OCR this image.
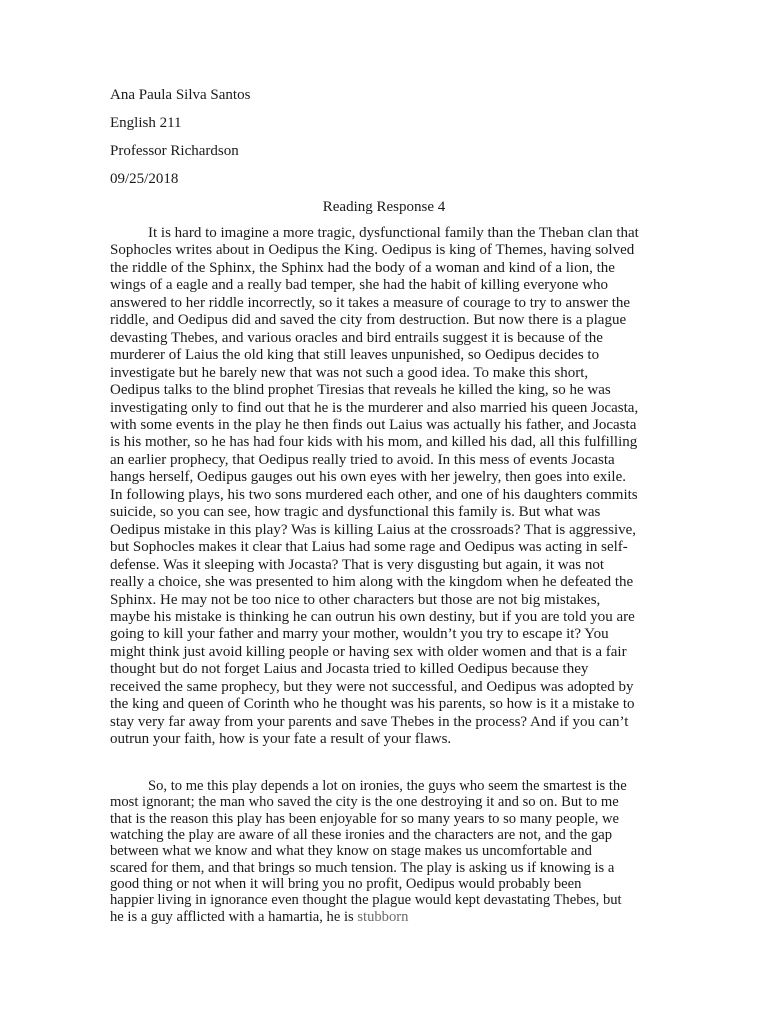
Ana Paula Silva Santos
English 211
Professor Richardson
09/25/2018
Reading Response 4
It is hard to imagine a more tragic, dysfunctional family than the Theban clan that
Sophocles writes about in Oedipus the King. Oedipus is king of Themes, having solved
the riddle of the Sphinx, the Sphinx had the body of a woman and kind of a lion, the
wings of a eagle and a really bad temper, she had the habit of killing everyone who
answered to her riddle incorrectly, so it takes a measure of courage to try to answer the
riddle, and Oedipus did and saved the city from destruction. But now there is a plague
devasting Thebes, and various oracles and bird entrails suggest it is because of the
murderer of Laius the old king that still leaves unpunished, so Oedipus decides to
investigate but he barely new that was not such a good idea. To make this short,
Oedipus talks to the blind prophet Tiresias that reveals he killed the king, so he was
investigating only to find out that he is the murderer and also married his queen Jocasta,
with some events in the play he then finds out Laius was actually his father, and Jocasta
is his mother, so he has had four kids with his mom, and killed his dad, all this fulfilling
an earlier prophecy, that Oedipus really tried to avoid. In this mess of events Jocasta
hangs herself, Oedipus gauges out his own eyes with her jewelry, then goes into exile.
In following plays, his two sons murdered each other, and one of his daughters commits
suicide, so you can see, how tragic and dysfunctional this family is. But what was
Oedipus mistake in this play? Was is killing Laius at the crossroads? That is aggressive,
but Sophocles makes it clear that Laius had some rage and Oedipus was acting in self-
defense. Was it sleeping with Jocasta? That is very disgusting but again, it was not
really a choice, she was presented to him along with the kingdom when he defeated the
Sphinx. He may not be too nice to other characters but those are not big mistakes,
maybe his mistake is thinking he can outrun his own destiny, but if you are told you are
going to kill your father and marry your mother, wouldn’t you try to escape it? You
might think just avoid killing people or having sex with older women and that is a fair
thought but do not forget Laius and Jocasta tried to killed Oedipus because they
received the same prophecy, but they were not successful, and Oedipus was adopted by
the king and queen of Corinth who he thought was his parents, so how is it a mistake to
stay very far away from your parents and save Thebes in the process? And if you can’t
outrun your faith, how is your fate a result of your flaws.
So, to me this play depends a lot on ironies, the guys who seem the smartest is the
most ignorant; the man who saved the city is the one destroying it and so on. But to me
that is the reason this play has been enjoyable for so many years to so many people, we
watching the play are aware of all these ironies and the characters are not, and the gap
between what we know and what they know on stage makes us uncomfortable and
scared for them, and that brings so much tension. The play is asking us if knowing is a
good thing or not when it will bring you no profit, Oedipus would probably been
happier living in ignorance even thought the plague would kept devastating Thebes, but
he is a guy afflicted with a hamartia, he is stubborn
